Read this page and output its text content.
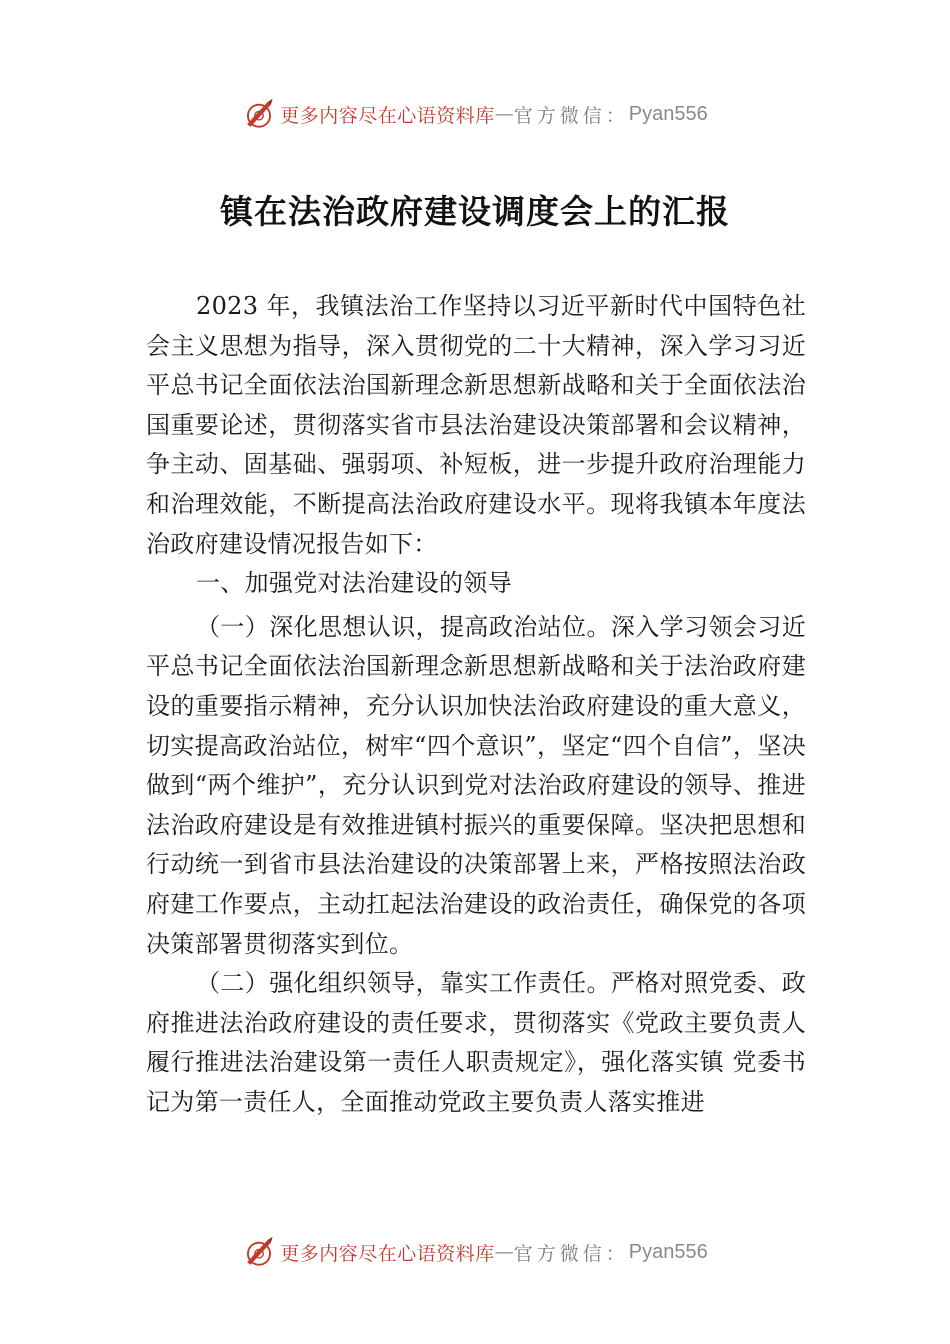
更多内容尽在心语资料库 — 官方微信： Pyan556
镇在法治政府建设调度会上的汇报

2023 年，我镇法治工作坚持以习近平新时代中国特色社会主义思想为指导，深入贯彻党的二十大精神，深入学习习近平总书记全面依法治国新理念新思想新战略和关于全面依法治国重要论述，贯彻落实省市县法治建设决策部署和会议精神，争主动、固基础、强弱项、补短板，进一步提升政府治理能力和治理效能，不断提高法治政府建设水平。现将我镇本年度法治政府建设情况报告如下：

一、加强党对法治建设的领导

（一）深化思想认识，提高政治站位。深入学习领会习近平总书记全面依法治国新理念新思想新战略和关于法治政府建设的重要指示精神，充分认识加快法治政府建设的重大意义，切实提高政治站位，树牢“四个意识”，坚定“四个自信”，坚决做到“两个维护”，充分认识到党对法治政府建设的领导、推进法治政府建设是有效推进镇村振兴的重要保障。坚决把思想和行动统一到省市县法治建设的决策部署上来，严格按照法治政府建工作要点，主动扛起法治建设的政治责任，确保党的各项决策部署贯彻落实到位。

（二）强化组织领导，靠实工作责任。严格对照党委、政府推进法治政府建设的责任要求，贯彻落实《党政主要负责人履行推进法治建设第一责任人职责规定》，强化落实镇 党委书记为第一责任人，全面推动党政主要负责人落实推进

更多内容尽在心语资料库 — 官方微信： Pyan556
